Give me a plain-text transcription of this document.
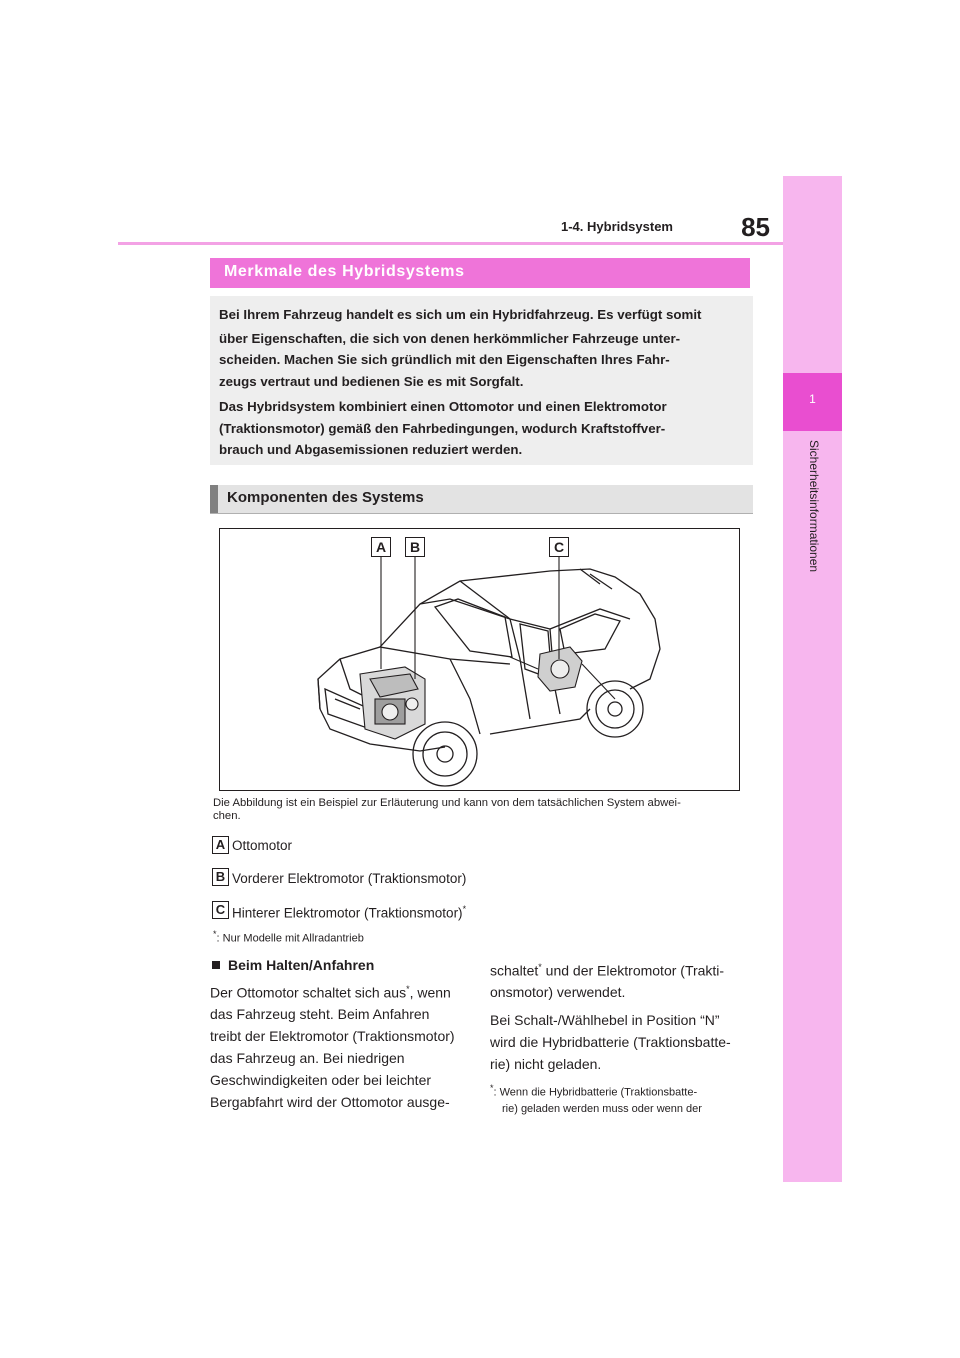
85
1-4. Hybridsystem
1
Sicherheitsinformationen
Merkmale des Hybridsystems
Bei Ihrem Fahrzeug handelt es sich um ein Hybridfahrzeug. Es verfügt somit
über Eigenschaften, die sich von denen herkömmlicher Fahrzeuge unter-
scheiden. Machen Sie sich gründlich mit den Eigenschaften Ihres Fahr-
zeugs vertraut und bedienen Sie es mit Sorgfalt.
Das Hybridsystem kombiniert einen Ottomotor und einen Elektromotor
(Traktionsmotor) gemäß den Fahrbedingungen, wodurch Kraftstoffver-
brauch und Abgasemissionen reduziert werden.
Komponenten des Systems
A	B	C
Die Abbildung ist ein Beispiel zur Erläuterung und kann von dem tatsächlichen System abwei-
chen.
A Ottomotor
B Vorderer Elektromotor (Traktionsmotor)
C Hinterer Elektromotor (Traktionsmotor)*
*: Nur Modelle mit Allradantrieb
Beim Halten/Anfahren
Der Ottomotor schaltet sich aus*, wenn
das Fahrzeug steht. Beim Anfahren
treibt der Elektromotor (Traktionsmotor)
das Fahrzeug an. Bei niedrigen
Geschwindigkeiten oder bei leichter
Bergabfahrt wird der Ottomotor ausge-
schaltet* und der Elektromotor (Trakti-
onsmotor) verwendet.
Bei Schalt-/Wählhebel in Position “N”
wird die Hybridbatterie (Traktionsbatte-
rie) nicht geladen.
*: Wenn die Hybridbatterie (Traktionsbatte-
rie) geladen werden muss oder wenn der
